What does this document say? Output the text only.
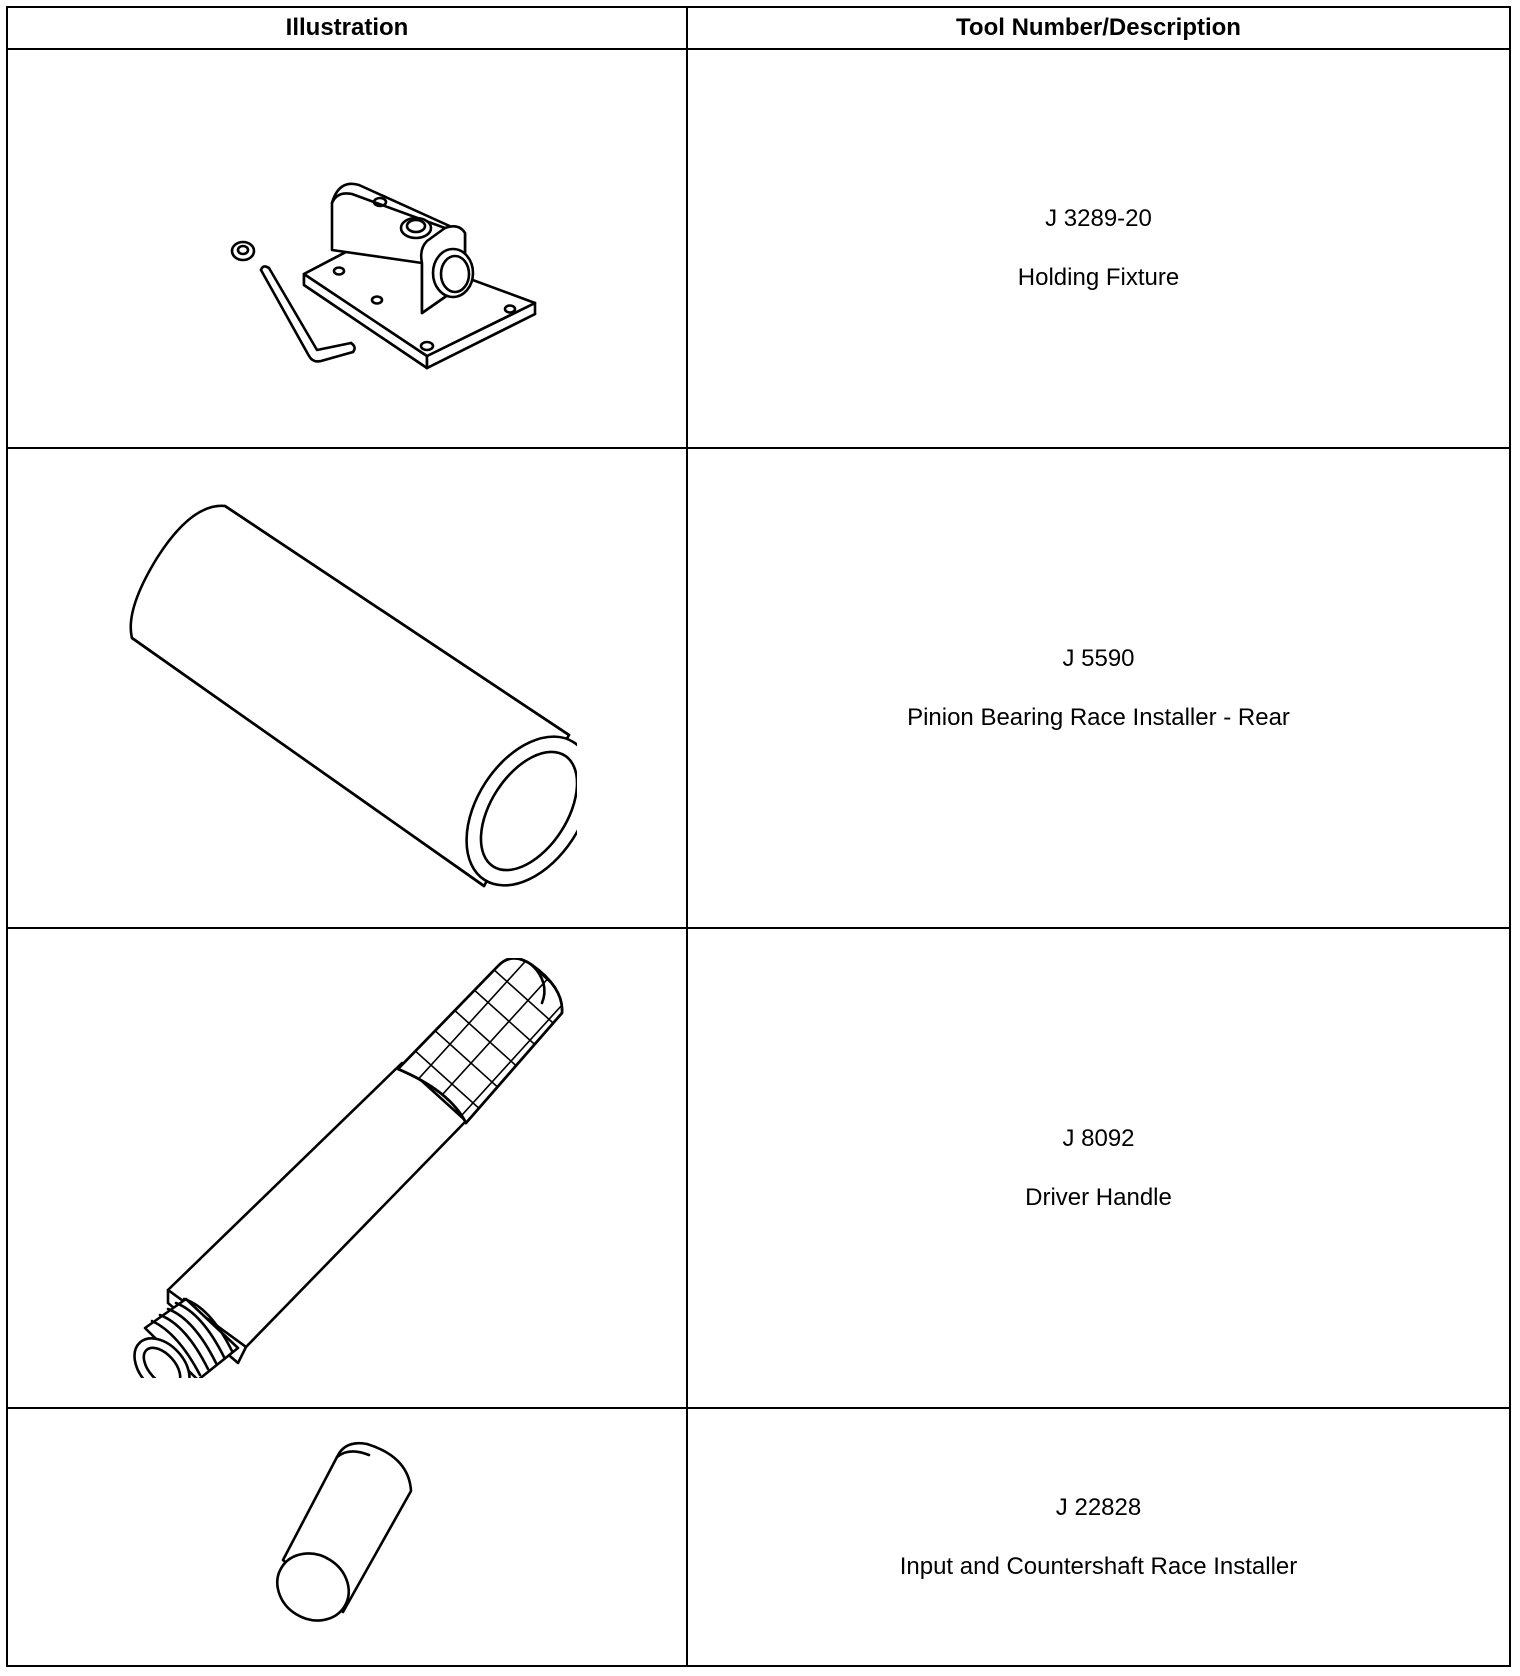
Illustration	Tool Number/Description

J 3289-20
Holding Fixture

J 5590
Pinion Bearing Race Installer - Rear

J 8092
Driver Handle

J 22828
Input and Countershaft Race Installer
